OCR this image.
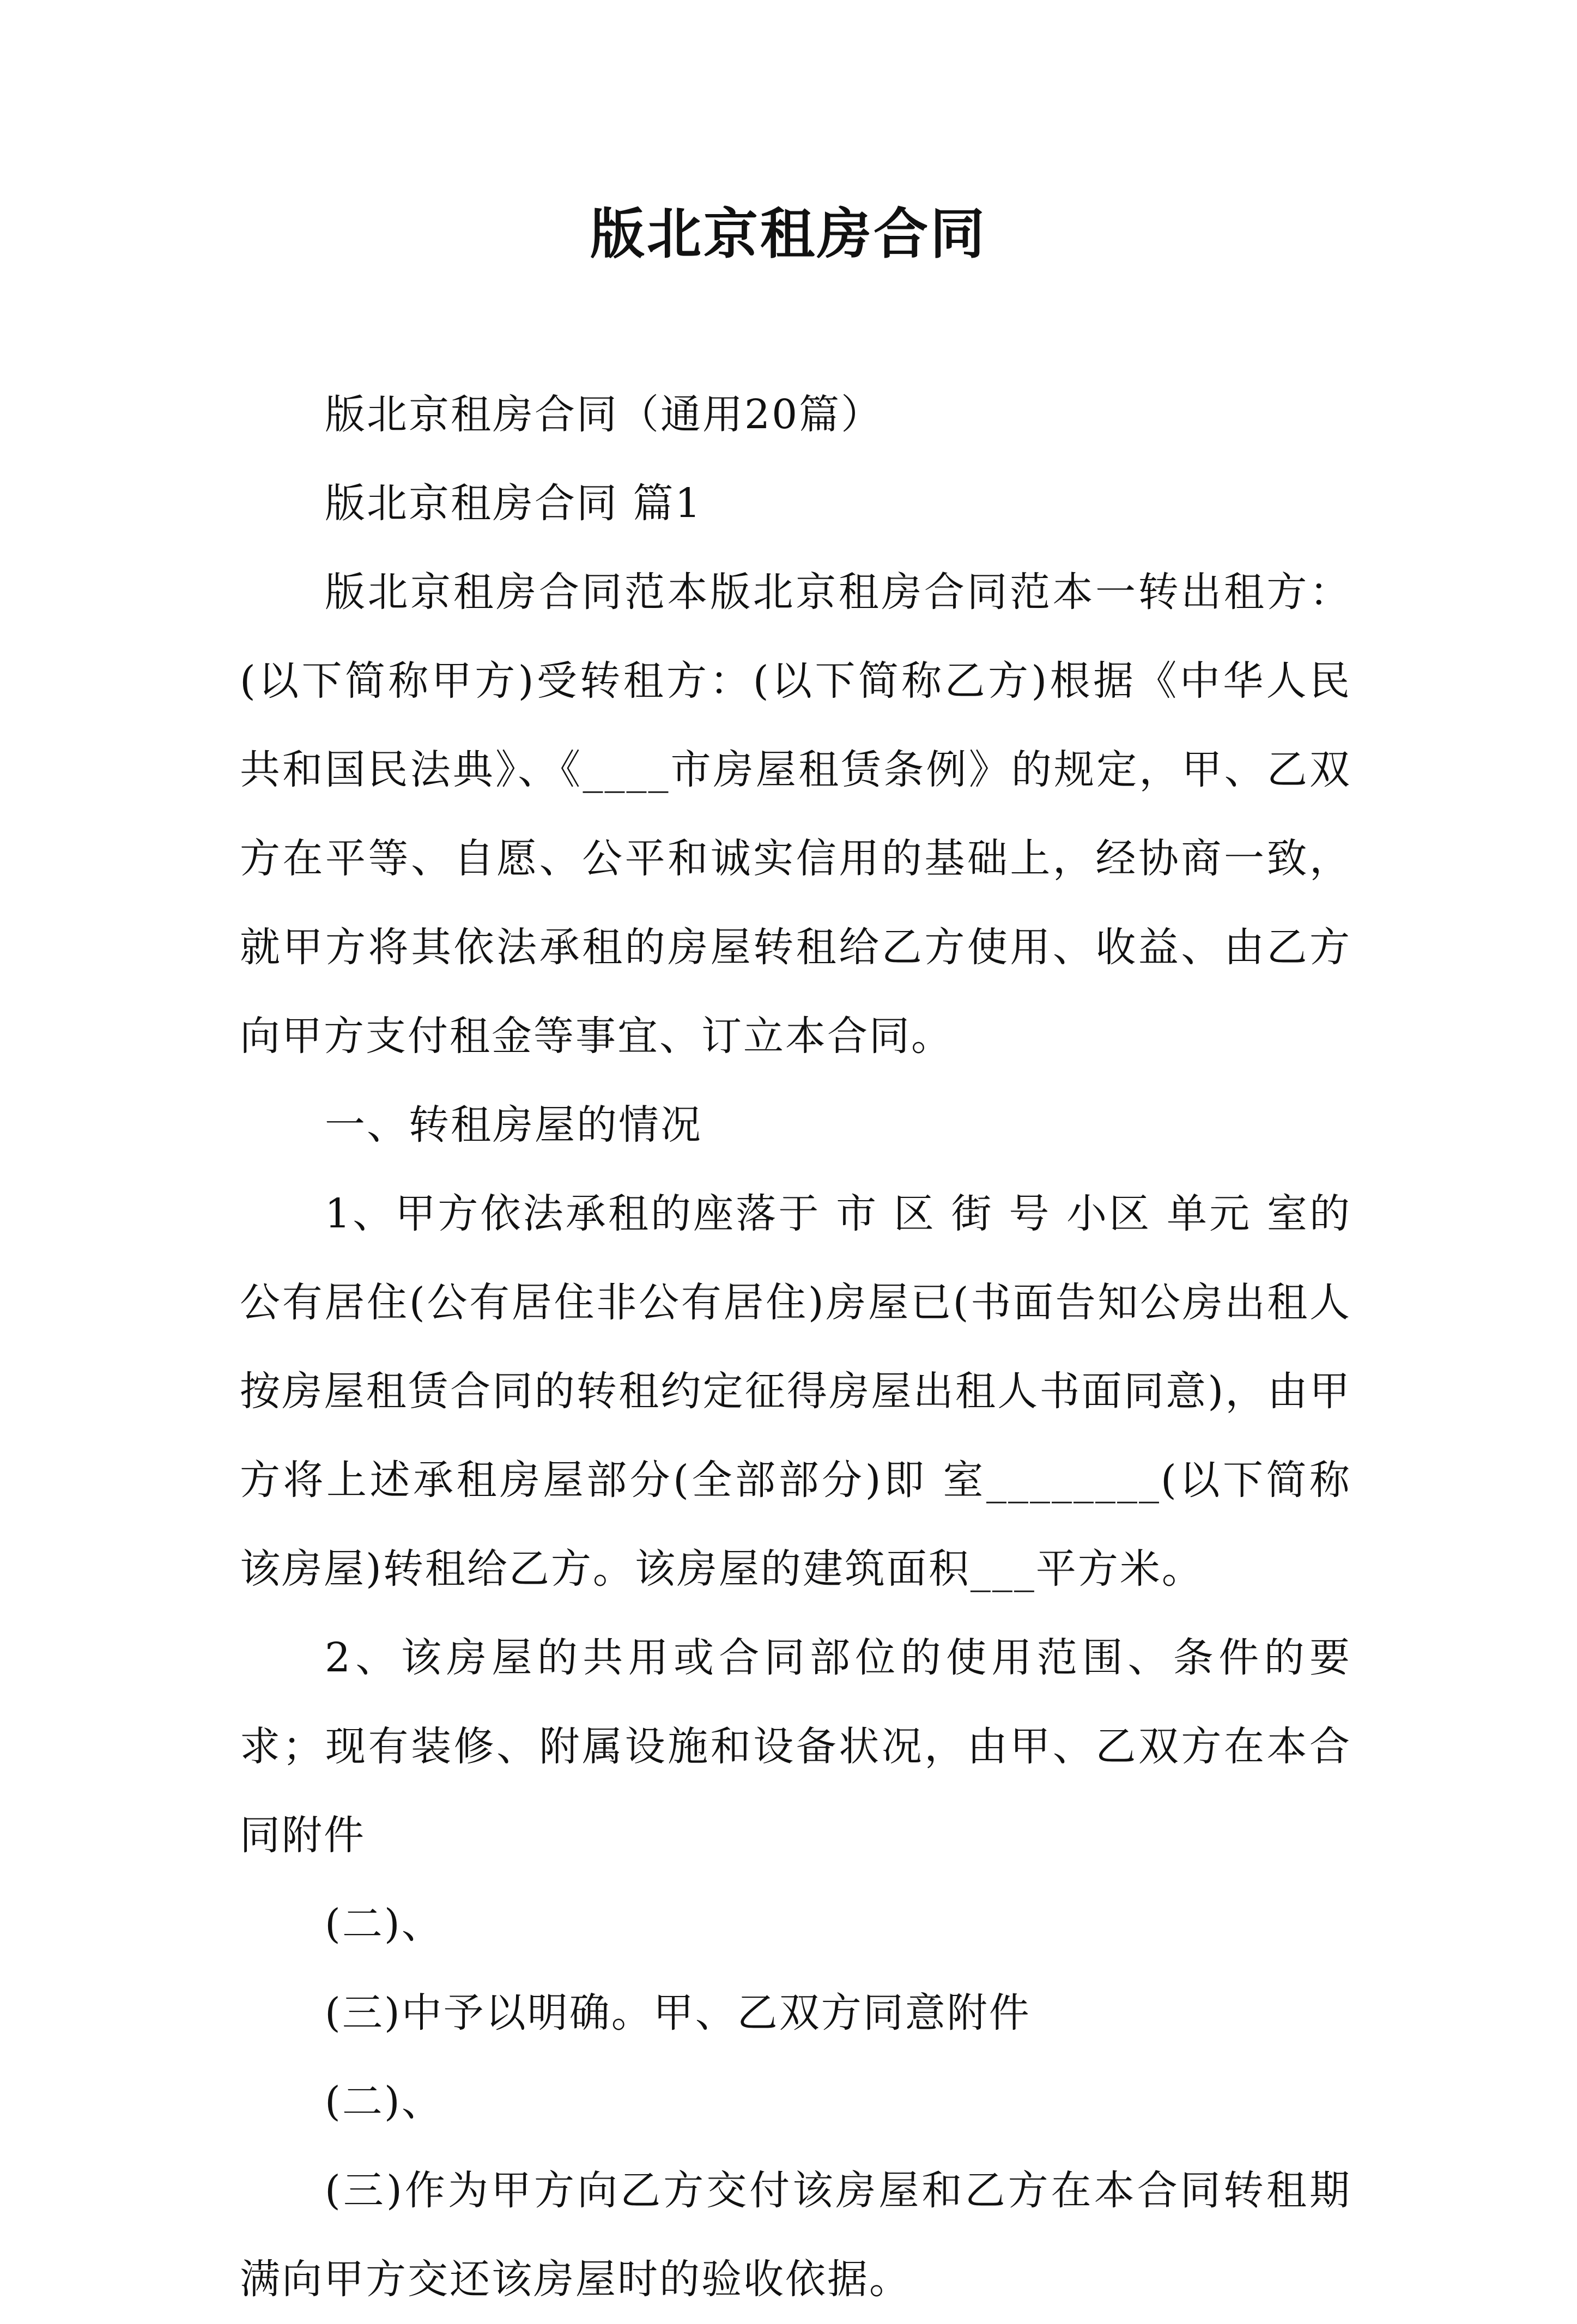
版北京租房合同

版北京租房合同（通用20篇）

版北京租房合同 篇1

版北京租房合同范本版北京租房合同范本一转出租方：(以下简称甲方)受转租方：(以下简称乙方)根据《中华人民共和国民法典》、《____市房屋租赁条例》的规定，甲、乙双方在平等、自愿、公平和诚实信用的基础上，经协商一致，就甲方将其依法承租的房屋转租给乙方使用、收益、由乙方向甲方支付租金等事宜、订立本合同。

一、转租房屋的情况

1、甲方依法承租的座落于 市 区 街 号 小区 单元 室的公有居住(公有居住非公有居住)房屋已(书面告知公房出租人按房屋租赁合同的转租约定征得房屋出租人书面同意)，由甲方将上述承租房屋部分(全部部分)即 室________(以下简称该房屋)转租给乙方。该房屋的建筑面积___平方米。

2、该房屋的共用或合同部位的使用范围、条件的要求；现有装修、附属设施和设备状况，由甲、乙双方在本合同附件

(二)、

(三)中予以明确。甲、乙双方同意附件

(二)、

(三)作为甲方向乙方交付该房屋和乙方在本合同转租期满向甲方交还该房屋时的验收依据。
